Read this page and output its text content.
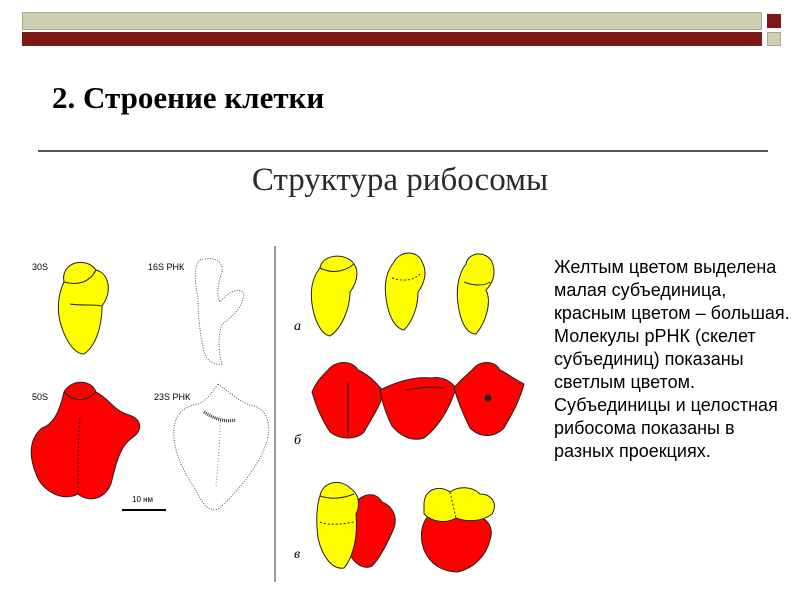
2. Строение клетки
Структура рибосомы
30S	16S РНК
50S	23S РНК
10 нм
а
б
в

Желтым цветом выделена малая субъединица, красным цветом – большая. Молекулы рРНК (скелет субъединиц) показаны светлым цветом. Субъединицы и целостная рибосома показаны в разных проекциях.
